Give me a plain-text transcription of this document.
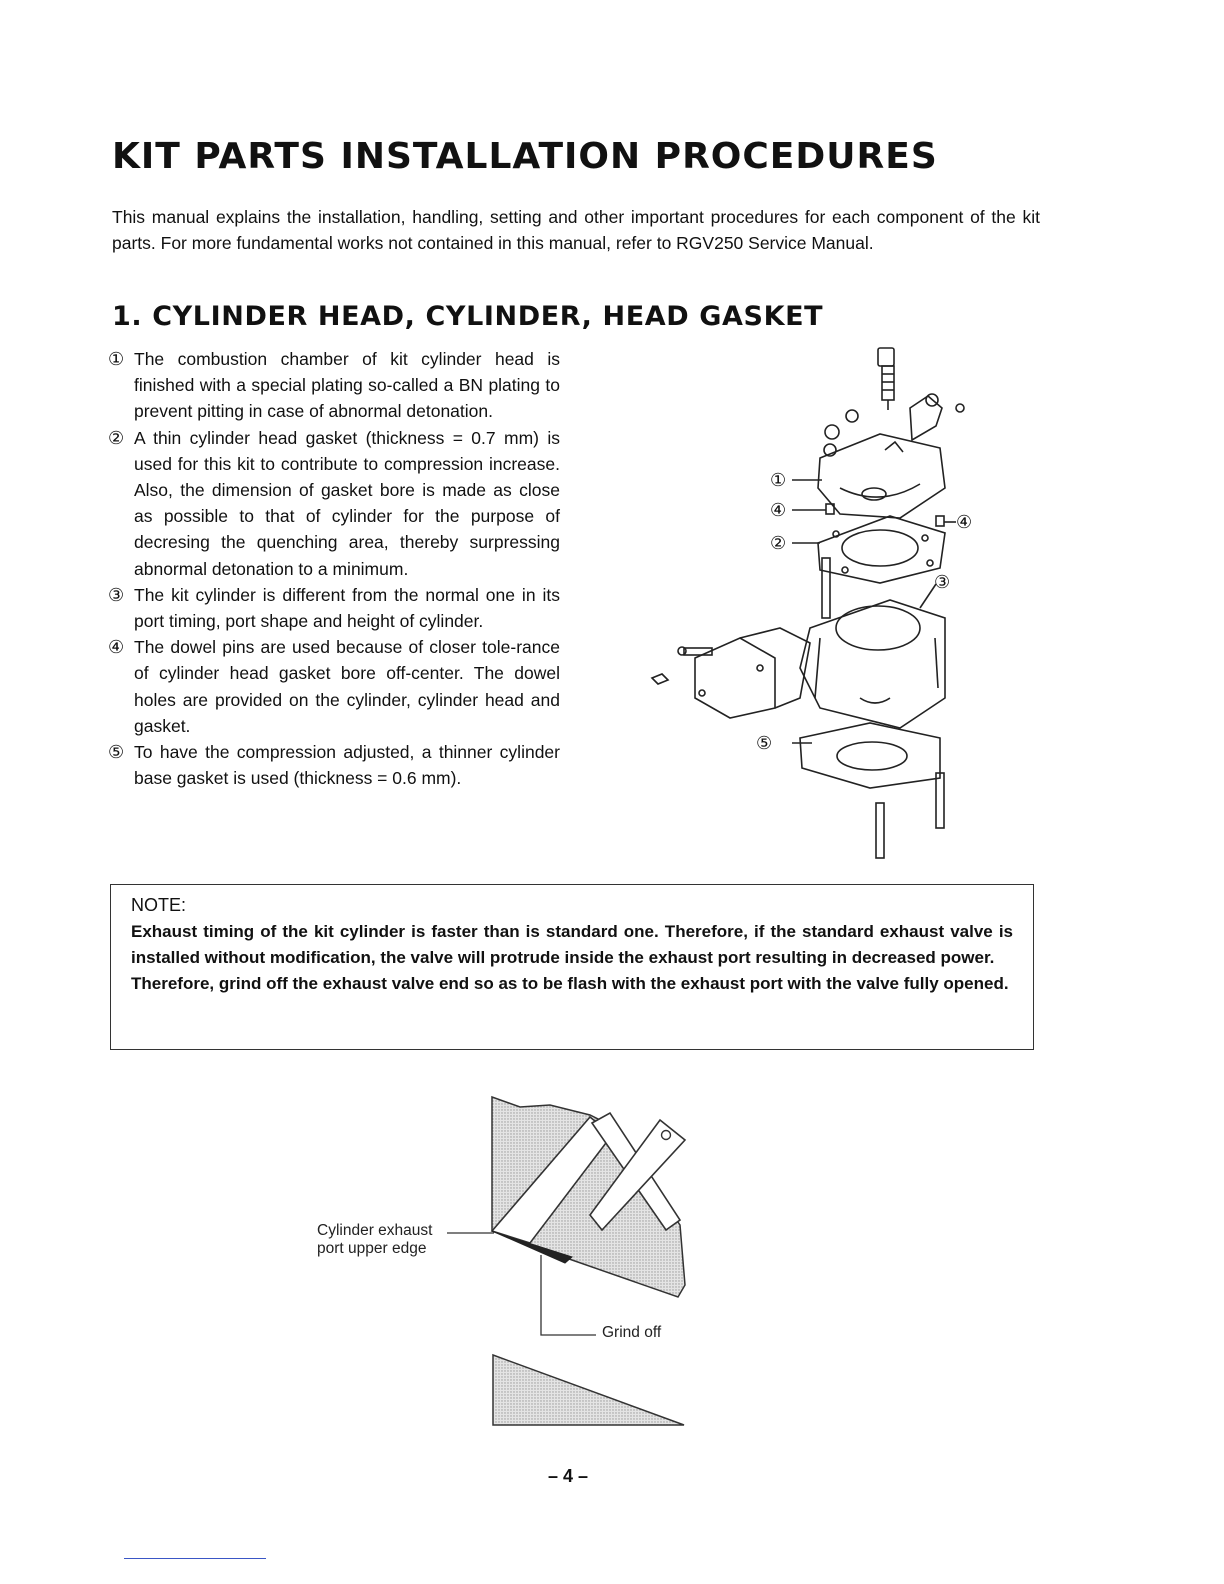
KIT PARTS INSTALLATION PROCEDURES

This manual explains the installation, handling, setting and other important procedures for each component of the kit parts. For more fundamental works not contained in this manual, refer to RGV250 Service Manual.

1. CYLINDER HEAD, CYLINDER, HEAD GASKET
① The combustion chamber of kit cylinder head is finished with a special plating so-called a BN plating to prevent pitting in case of abnormal detonation.
② A thin cylinder head gasket (thickness = 0.7 mm) is used for this kit to contribute to compression increase. Also, the dimension of gasket bore is made as close as possible to that of cylinder for the purpose of decresing the quenching area, thereby surpressing abnormal detonation to a minimum.
③ The kit cylinder is different from the normal one in its port timing, port shape and height of cylinder.
④ The dowel pins are used because of closer tole-rance of cylinder head gasket bore off-center. The dowel holes are provided on the cylinder, cylinder head and gasket.
⑤ To have the compression adjusted, a thinner cylinder base gasket is used (thickness = 0.6 mm).
①
④
②
④
③
⑤
NOTE:

Exhaust timing of the kit cylinder is faster than is standard one. Therefore, if the standard exhaust valve is installed without modification, the valve will protrude inside the exhaust port resulting in decreased power.

Therefore, grind off the exhaust valve end so as to be flash with the exhaust port with the valve fully opened.

Cylinder exhaust
port upper edge
Grind off
– 4 –
